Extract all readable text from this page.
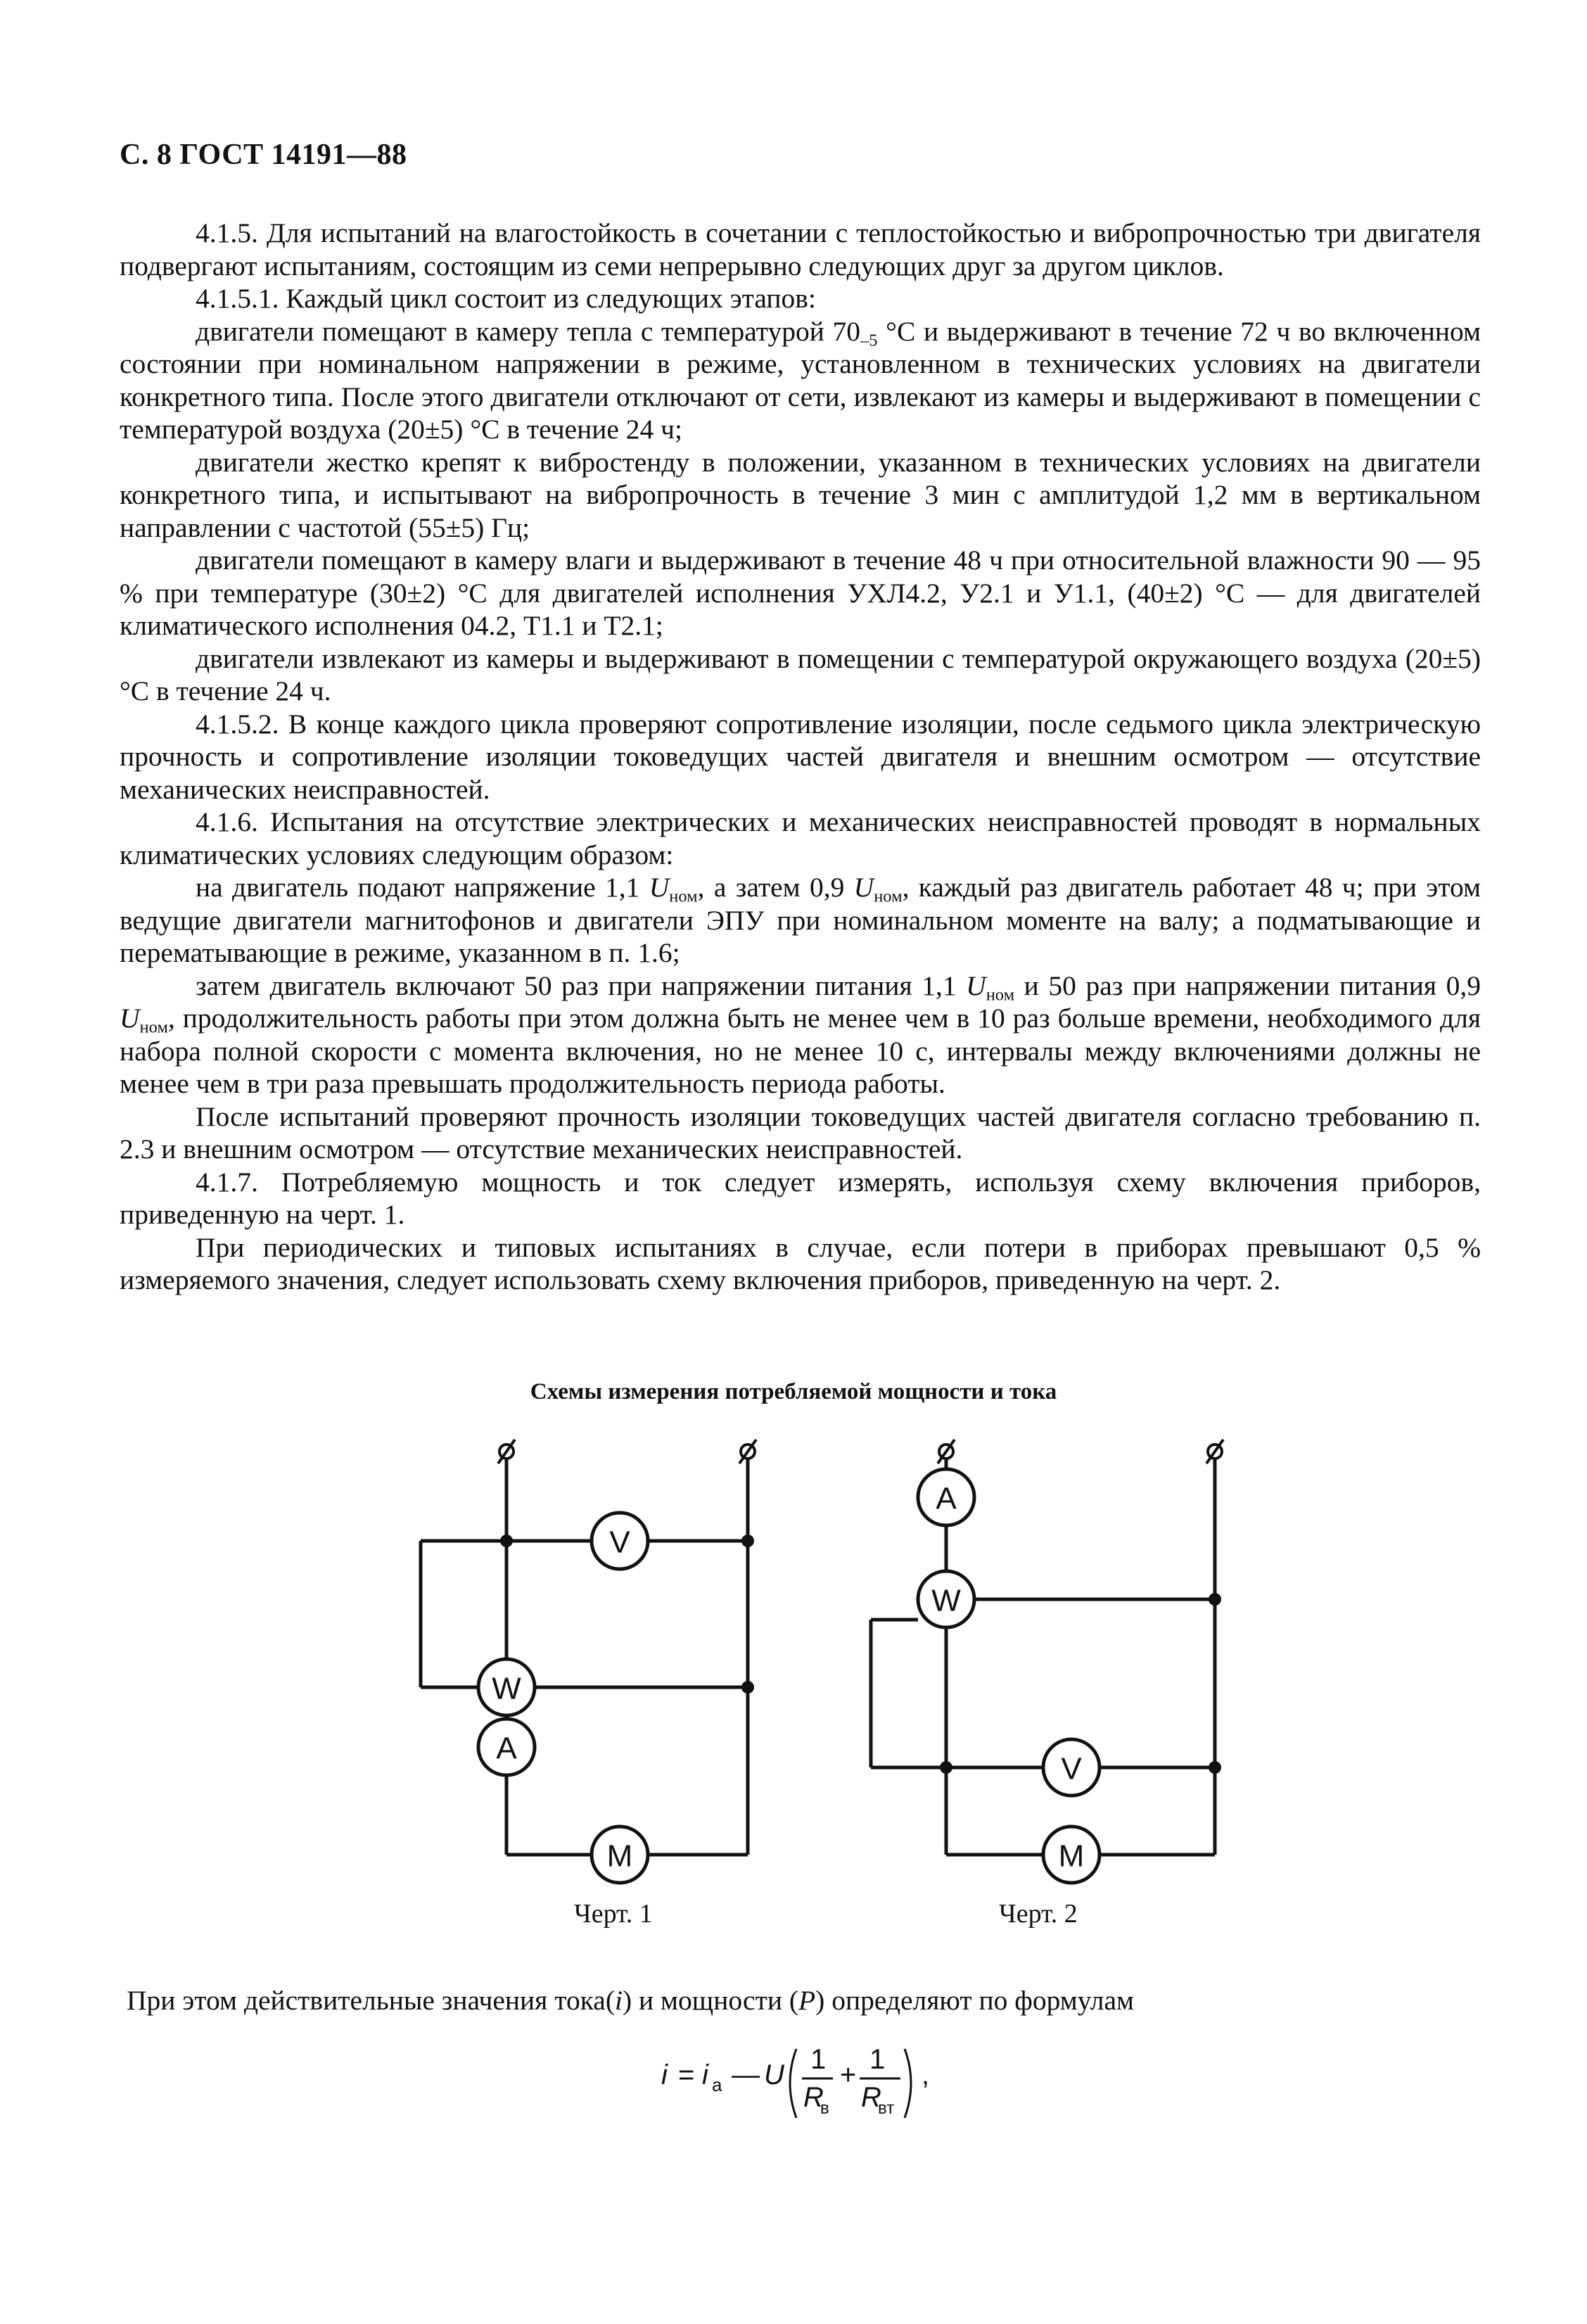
С. 8 ГОСТ 14191—88

4.1.5. Для испытаний на влагостойкость в сочетании с теплостойкостью и вибропрочностью три двигателя подвергают испытаниям, состоящим из семи непрерывно следующих друг за другом циклов.

4.1.5.1. Каждый цикл состоит из следующих этапов:

двигатели помещают в камеру тепла с температурой $70_{-5}$ °С и выдерживают в течение 72 ч во включенном состоянии при номинальном напряжении в режиме, установленном в технических условиях на двигатели конкретного типа. После этого двигатели отключают от сети, извлекают из камеры и выдерживают в помещении с температурой воздуха (20±5) °С в течение 24 ч;

двигатели жестко крепят к вибростенду в положении, указанном в технических условиях на двигатели конкретного типа, и испытывают на вибропрочность в течение 3 мин с амплитудой 1,2 мм в вертикальном направлении с частотой (55±5) Гц;

двигатели помещают в камеру влаги и выдерживают в течение 48 ч при относительной влажности 90 — 95 % при температуре (30±2) °С для двигателей исполнения УХЛ4.2, У2.1 и У1.1, (40±2) °С — для двигателей климатического исполнения 04.2, Т1.1 и Т2.1;

двигатели извлекают из камеры и выдерживают в помещении с температурой окружающего воздуха (20±5) °С в течение 24 ч.

4.1.5.2. В конце каждого цикла проверяют сопротивление изоляции, после седьмого цикла электрическую прочность и сопротивление изоляции токоведущих частей двигателя и внешним осмотром — отсутствие механических неисправностей.

4.1.6. Испытания на отсутствие электрических и механических неисправностей проводят в нормальных климатических условиях следующим образом:

на двигатель подают напряжение 1,1 $U_{ном}$, а затем 0,9 $U_{ном}$, каждый раз двигатель работает 48 ч; при этом ведущие двигатели магнитофонов и двигатели ЭПУ при номинальном моменте на валу; а подматывающие и перематывающие в режиме, указанном в п. 1.6;

затем двигатель включают 50 раз при напряжении питания 1,1 $U_{ном}$ и 50 раз при напряжении питания 0,9 $U_{ном}$, продолжительность работы при этом должна быть не менее чем в 10 раз больше времени, необходимого для набора полной скорости с момента включения, но не менее 10 с, интервалы между включениями должны не менее чем в три раза превышать продолжительность периода работы.

После испытаний проверяют прочность изоляции токоведущих частей двигателя согласно требованию п. 2.3 и внешним осмотром — отсутствие механических неисправностей.

4.1.7. Потребляемую мощность и ток следует измерять, используя схему включения приборов, приведенную на черт. 1.

При периодических и типовых испытаниях в случае, если потери в приборах превышают 0,5 % измеряемого значения, следует использовать схему включения приборов, приведенную на черт. 2.

Схемы измерения потребляемой мощности и тока
V
W
A
M
A
W
V
M
Черт. 1	Черт. 2
При этом действительные значения тока(i) и мощности (P) определяют по формулам
i = i а — U 1
R
в
+ 1
R
вт
,
